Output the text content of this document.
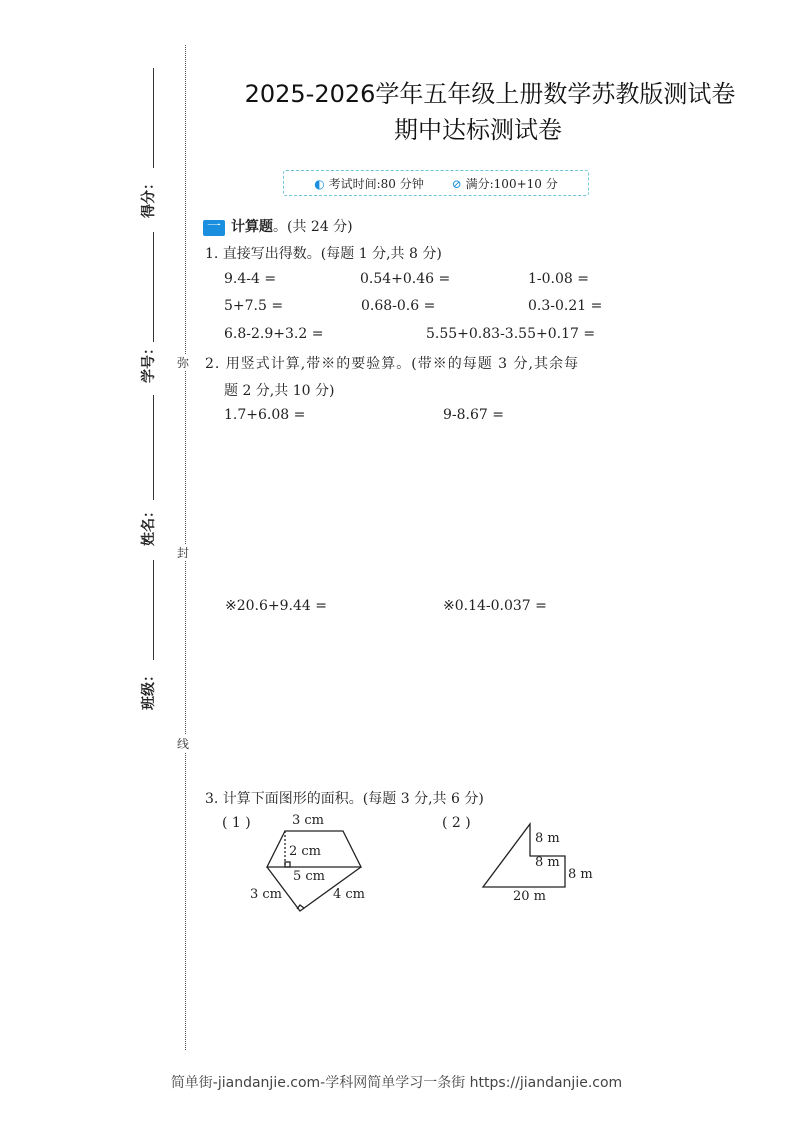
2025-2026学年五年级上册数学苏教版测试卷
期中达标测试卷
◐ 考试时间:80 分钟 ⊘ 满分:100+10 分
得分：
学号：
姓名：
班级：
弥
封
线
一 计算题。(共 24 分)
1. 直接写出得数。(每题 1 分,共 8 分)
9.4-4 =	0.54+0.46 =	1-0.08 =
5+7.5 =	0.68-0.6 =	0.3-0.21 =
6.8-2.9+3.2 =	5.55+0.83-3.55+0.17 =
2. 用竖式计算,带※的要验算。(带※的每题 3 分,其余每
题 2 分,共 10 分)
1.7+6.08 =	9-8.67 =
※20.6+9.44 =	※0.14-0.037 =
3. 计算下面图形的面积。(每题 3 分,共 6 分)
( 1 )	( 2 )
3 cm
2 cm
5 cm
3 cm	4 cm
8 m
8 m
8 m
20 m
简单街-jiandanjie.com-学科网简单学习一条街 https://jiandanjie.com
